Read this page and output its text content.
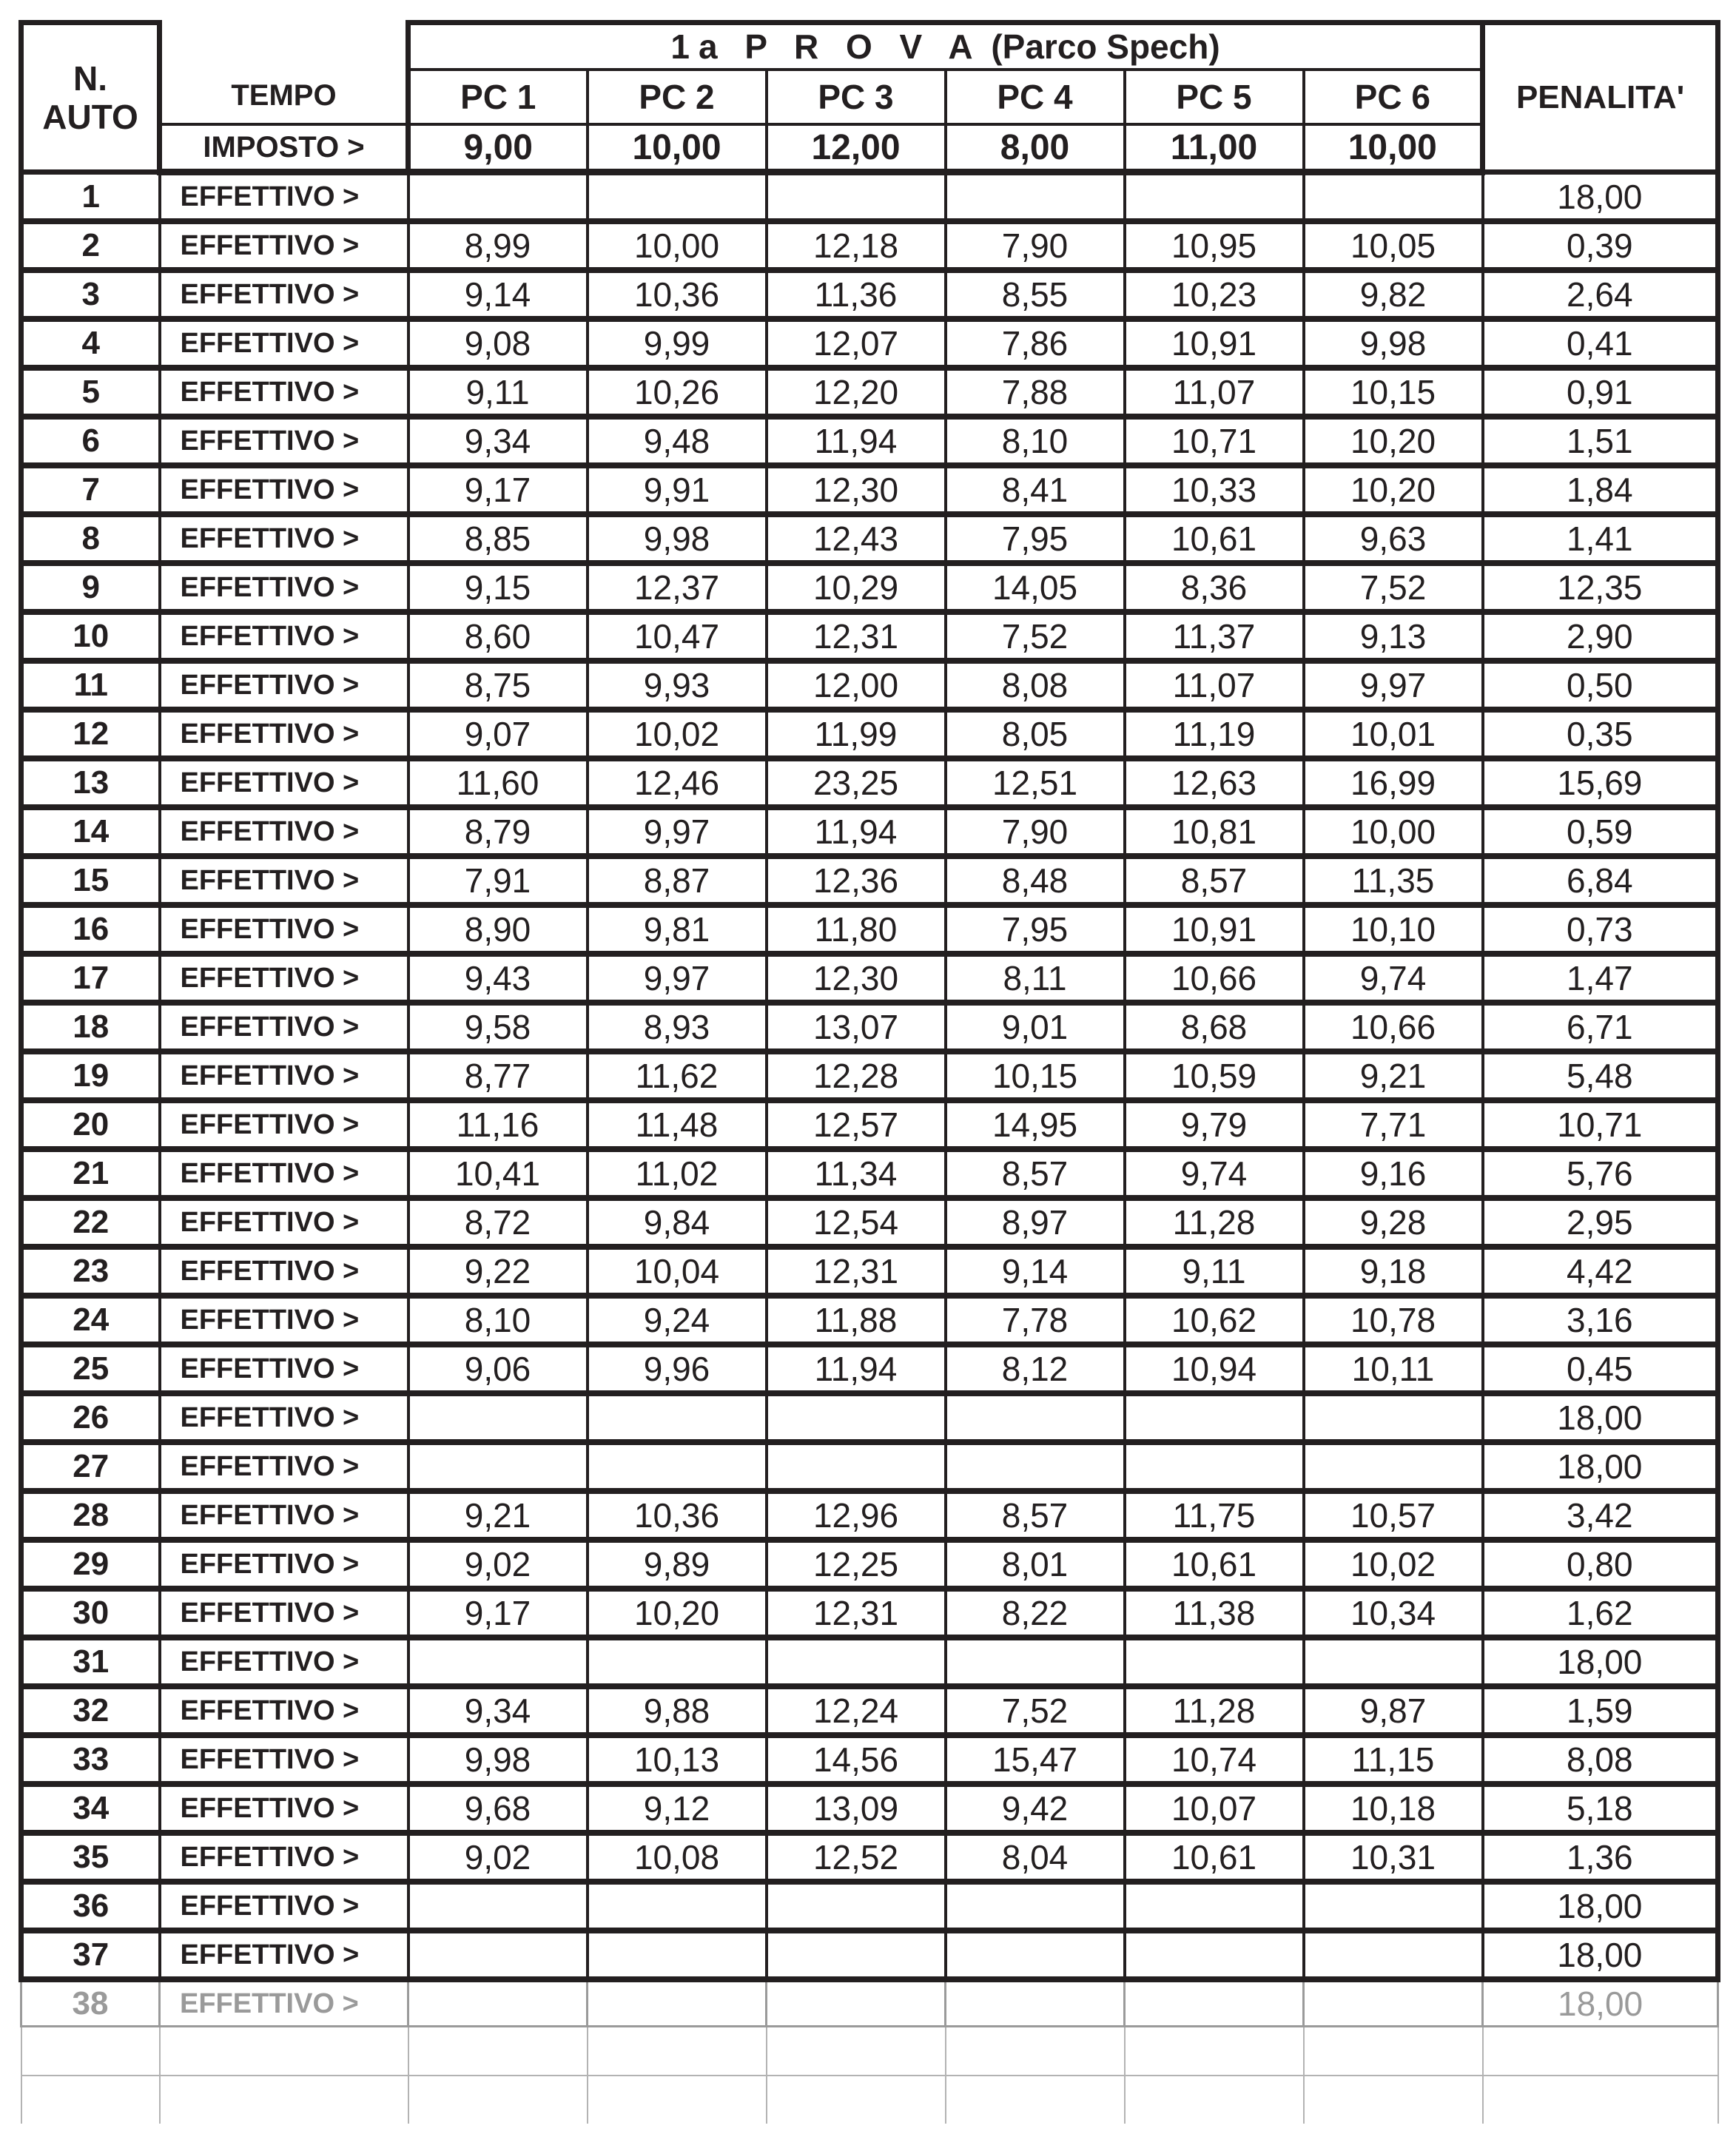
N.
AUTO	TEMPO	1a P R O V A (Parco Spech)						PENALITA'
		PC 1	PC 2	PC 3	PC 4	PC 5	PC 6	
	IMPOSTO >	9,00	10,00	12,00	8,00	11,00	10,00	
1	EFFETTIVO >							18,00
2	EFFETTIVO >	8,99	10,00	12,18	7,90	10,95	10,05	0,39
3	EFFETTIVO >	9,14	10,36	11,36	8,55	10,23	9,82	2,64
4	EFFETTIVO >	9,08	9,99	12,07	7,86	10,91	9,98	0,41
5	EFFETTIVO >	9,11	10,26	12,20	7,88	11,07	10,15	0,91
6	EFFETTIVO >	9,34	9,48	11,94	8,10	10,71	10,20	1,51
7	EFFETTIVO >	9,17	9,91	12,30	8,41	10,33	10,20	1,84
8	EFFETTIVO >	8,85	9,98	12,43	7,95	10,61	9,63	1,41
9	EFFETTIVO >	9,15	12,37	10,29	14,05	8,36	7,52	12,35
10	EFFETTIVO >	8,60	10,47	12,31	7,52	11,37	9,13	2,90
11	EFFETTIVO >	8,75	9,93	12,00	8,08	11,07	9,97	0,50
12	EFFETTIVO >	9,07	10,02	11,99	8,05	11,19	10,01	0,35
13	EFFETTIVO >	11,60	12,46	23,25	12,51	12,63	16,99	15,69
14	EFFETTIVO >	8,79	9,97	11,94	7,90	10,81	10,00	0,59
15	EFFETTIVO >	7,91	8,87	12,36	8,48	8,57	11,35	6,84
16	EFFETTIVO >	8,90	9,81	11,80	7,95	10,91	10,10	0,73
17	EFFETTIVO >	9,43	9,97	12,30	8,11	10,66	9,74	1,47
18	EFFETTIVO >	9,58	8,93	13,07	9,01	8,68	10,66	6,71
19	EFFETTIVO >	8,77	11,62	12,28	10,15	10,59	9,21	5,48
20	EFFETTIVO >	11,16	11,48	12,57	14,95	9,79	7,71	10,71
21	EFFETTIVO >	10,41	11,02	11,34	8,57	9,74	9,16	5,76
22	EFFETTIVO >	8,72	9,84	12,54	8,97	11,28	9,28	2,95
23	EFFETTIVO >	9,22	10,04	12,31	9,14	9,11	9,18	4,42
24	EFFETTIVO >	8,10	9,24	11,88	7,78	10,62	10,78	3,16
25	EFFETTIVO >	9,06	9,96	11,94	8,12	10,94	10,11	0,45
26	EFFETTIVO >							18,00
27	EFFETTIVO >							18,00
28	EFFETTIVO >	9,21	10,36	12,96	8,57	11,75	10,57	3,42
29	EFFETTIVO >	9,02	9,89	12,25	8,01	10,61	10,02	0,80
30	EFFETTIVO >	9,17	10,20	12,31	8,22	11,38	10,34	1,62
31	EFFETTIVO >							18,00
32	EFFETTIVO >	9,34	9,88	12,24	7,52	11,28	9,87	1,59
33	EFFETTIVO >	9,98	10,13	14,56	15,47	10,74	11,15	8,08
34	EFFETTIVO >	9,68	9,12	13,09	9,42	10,07	10,18	5,18
35	EFFETTIVO >	9,02	10,08	12,52	8,04	10,61	10,31	1,36
36	EFFETTIVO >							18,00
37	EFFETTIVO >							18,00
38	EFFETTIVO >							18,00
